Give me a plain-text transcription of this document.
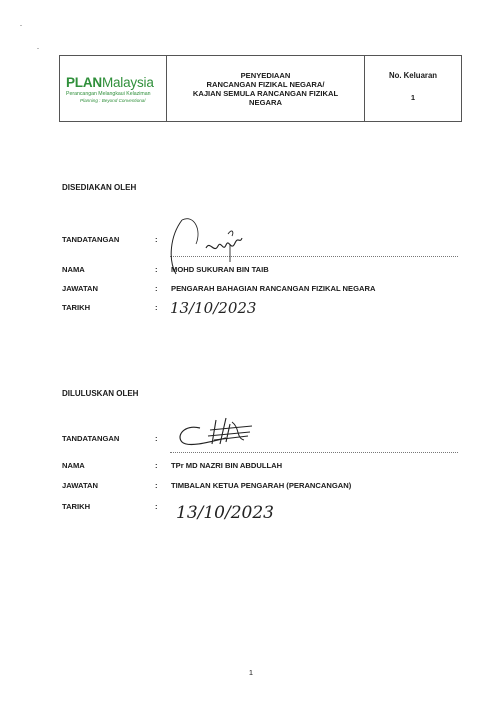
PLANMalaysia
Perancangan Melangkaui Kelaziman
Planning : Beyond Conventional
PENYEDIAAN
RANCANGAN FIZIKAL NEGARA/
KAJIAN SEMULA RANCANGAN FIZIKAL
NEGARA
No. Keluaran
1
DISEDIAKAN OLEH
TANDATANGAN	:
NAMA	: MOHD SUKURAN BIN TAIB
JAWATAN	: PENGARAH BAHAGIAN RANCANGAN FIZIKAL NEGARA
TARIKH	: 13/10/2023
DILULUSKAN OLEH
TANDATANGAN	:
NAMA	: TPr MD NAZRI BIN ABDULLAH
JAWATAN	: TIMBALAN KETUA PENGARAH (PERANCANGAN)
TARIKH	: 13/10/2023
1
